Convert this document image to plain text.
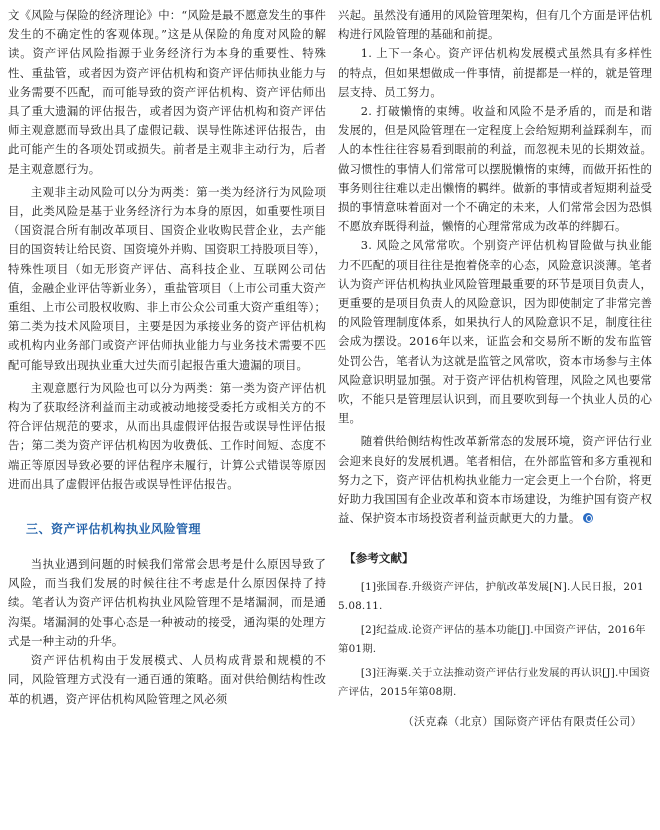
文《风险与保险的经济理论》中：“风险是最不愿意发生的事件发生的不确定性的客观体现。”这是从保险的角度对风险的解读。资产评估风险指源于业务经济行为本身的重要性、特殊性、重盐管，或者因为资产评估机构和资产评估师执业能力与业务需要不匹配，而可能导致的资产评估机构、资产评估师出具了重大遗漏的评估报告，或者因为资产评估机构和资产评估师主观意愿而导致出具了虚假记载、误导性陈述评估报告，由此可能产生的各项处罚或损失。前者是主观非主动行为，后者是主观意愿行为。

主观非主动风险可以分为两类：第一类为经济行为风险项目，此类风险是基于业务经济行为本身的原因，如重要性项目（国资混合所有制改革项目、国资企业收购民营企业，去产能目的国资转让给民资、国资境外并购、国资职工持股项目等），特殊性项目（如无形资产评估、高科技企业、互联网公司估值，金融企业评估等新业务），重盐管项目（上市公司重大资产重组、上市公司股权收购、非上市公众公司重大资产重组等）；第二类为技术风险项目，主要是因为承接业务的资产评估机构或机构内业务部门或资产评估师执业能力与业务技术需要不匹配可能导致出现执业重大过失而引起报告重大遗漏的项目。

主观意愿行为风险也可以分为两类：第一类为资产评估机构为了获取经济利益而主动或被动地接受委托方或相关方的不符合评估规范的要求，从而出具虚假评估报告或误导性评估报告；第二类为资产评估机构因为收费低、工作时间短、态度不端正等原因导致必要的评估程序未履行，计算公式错误等原因进而出具了虚假评估报告或误导性评估报告。

三、资产评估机构执业风险管理

当执业遇到问题的时候我们常常会思考是什么原因导致了风险，而当我们发展的时候往往不考虑是什么原因保持了持续。笔者认为资产评估机构执业风险管理不是堵漏洞，而是通沟渠。堵漏洞的处事心态是一种被动的接受，通沟渠的处理方式是一种主动的升华。

资产评估机构由于发展模式、人员构成背景和规模的不同，风险管理方式没有一通百通的策略。面对供给侧结构性改革的机遇，资产评估机构风险管理之风必须

兴起。虽然没有通用的风险管理架构，但有几个方面是评估机构进行风险管理的基础和前提。

1. 上下一条心。资产评估机构发展模式虽然具有多样性的特点，但如果想做成一件事情，前提都是一样的，就是管理层支持、员工努力。

2. 打破懒惰的束缚。收益和风险不是矛盾的，而是和谐发展的，但是风险管理在一定程度上会给短期利益踩刹车，而人的本性往往容易看到眼前的利益，而忽视未见的长期效益。做习惯性的事情人们常常可以摆脱懒惰的束缚，而做开拓性的事务则往往难以走出懒惰的羁绊。做新的事情或者短期利益受损的事情意味着面对一个不确定的未来，人们常常会因为恐惧不愿放弃既得利益，懒惰的心理常常成为改革的绊脚石。

3. 风险之风常常吹。个别资产评估机构冒险做与执业能力不匹配的项目往往是抱着侥幸的心态，风险意识淡薄。笔者认为资产评估机构执业风险管理最重要的环节是项目负责人，更重要的是项目负责人的风险意识，因为即使制定了非常完善的风险管理制度体系，如果执行人的风险意识不足，制度往往会成为摆设。2016年以来，证监会和交易所不断的发布监管处罚公告，笔者认为这就是监管之风常吹，资本市场参与主体风险意识明显加强。对于资产评估机构管理，风险之风也要常吹，不能只是管理层认识到，而且要吹到每一个执业人员的心里。

随着供给侧结构性改革新常态的发展环境，资产评估行业会迎来良好的发展机遇。笔者相信，在外部监管和多方重视和努力之下，资产评估机构执业能力一定会更上一个台阶，将更好助力我国国有企业改革和资本市场建设，为维护国有资产权益、保护资本市场投资者利益贡献更大的力量。

【参考文献】

[1]张国春.升级资产评估，护航改革发展[N].人民日报，2015.08.11.

[2]纪益成.论资产评估的基本功能[J].中国资产评估，2016年第01期.

[3]汪海粟.关于立法推动资产评估行业发展的再认识[J].中国资产评估，2015年第08期.

（沃克森（北京）国际资产评估有限责任公司）
